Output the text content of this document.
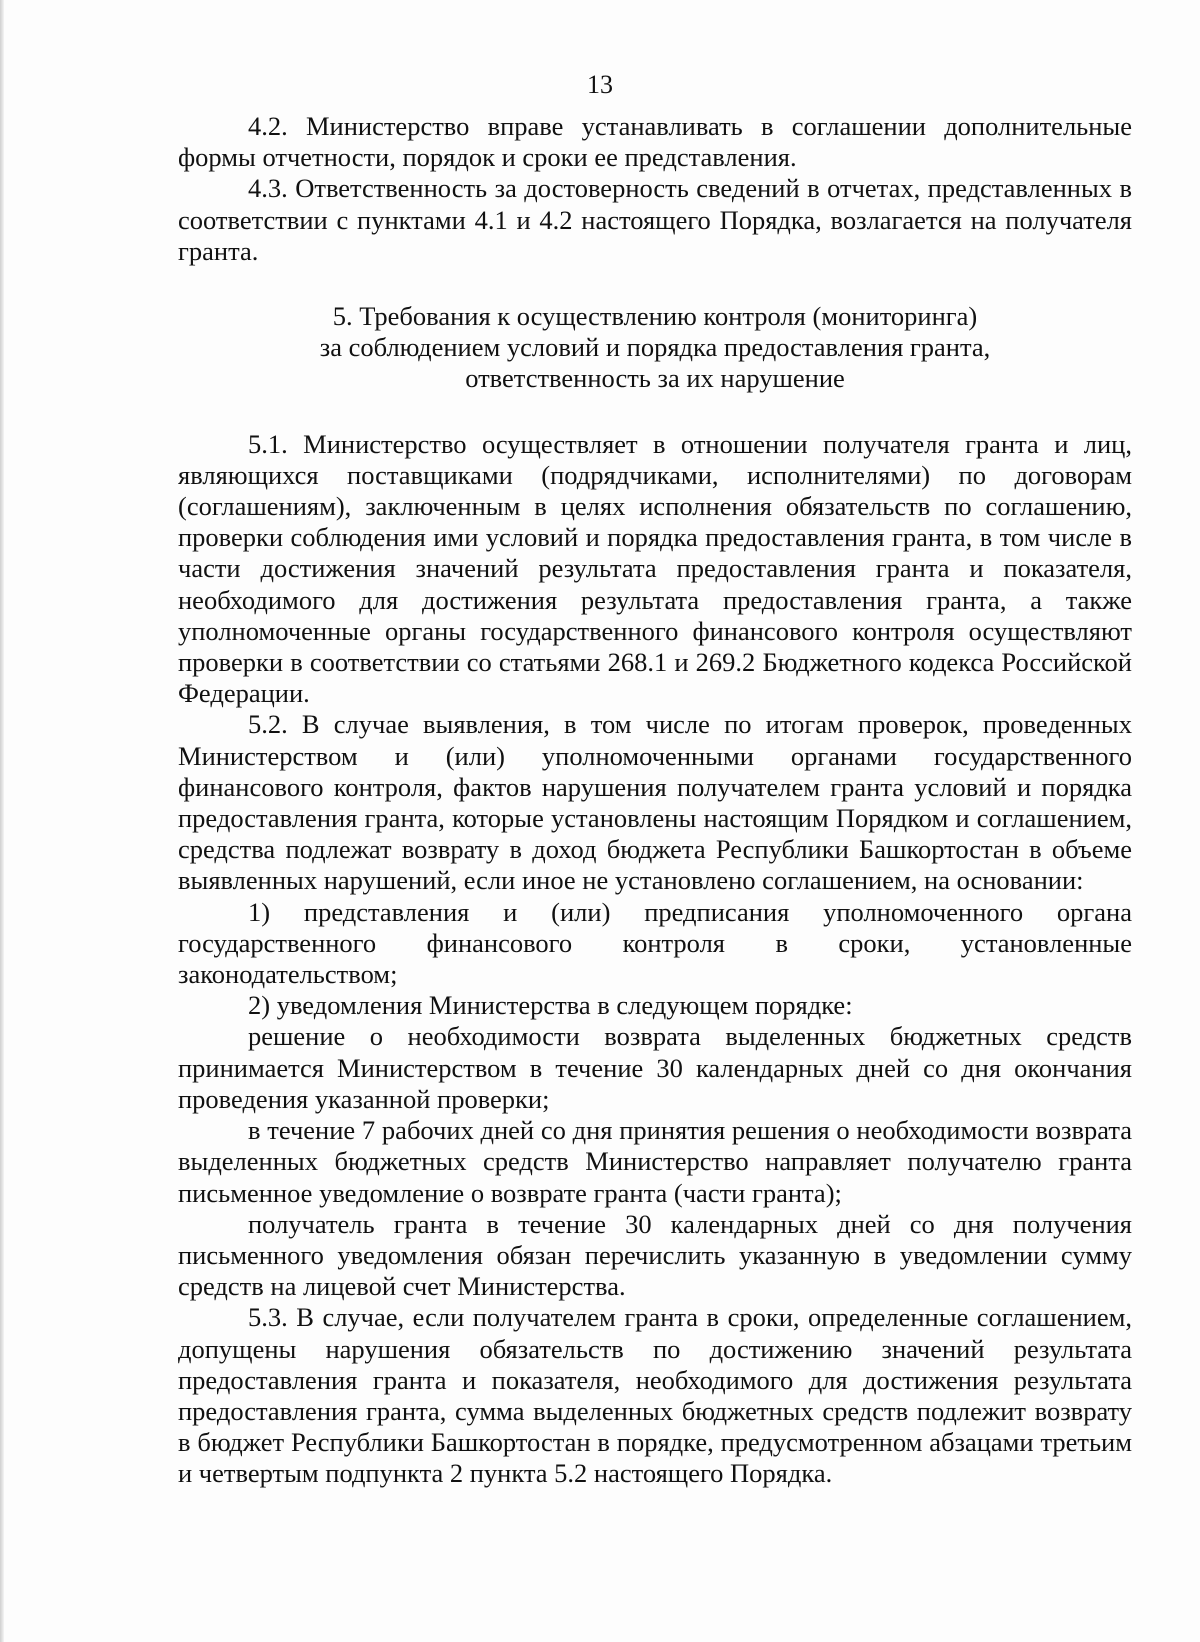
13

4.2. Министерство вправе устанавливать в соглашении дополнительные формы отчетности, порядок и сроки ее представления.

4.3. Ответственность за достоверность сведений в отчетах, представленных в соответствии с пунктами 4.1 и 4.2 настоящего Порядка, возлагается на получателя гранта.

5. Требования к осуществлению контроля (мониторинга)
за соблюдением условий и порядка предоставления гранта,
ответственность за их нарушение

5.1. Министерство осуществляет в отношении получателя гранта и лиц, являющихся поставщиками (подрядчиками, исполнителями) по договорам (соглашениям), заключенным в целях исполнения обязательств по соглашению, проверки соблюдения ими условий и порядка предоставления гранта, в том числе в части достижения значений результата предоставления гранта и показателя, необходимого для достижения результата предоставления гранта, а также уполномоченные органы государственного финансового контроля осуществляют проверки в соответствии со статьями 268.1 и 269.2 Бюджетного кодекса Российской Федерации.

5.2. В случае выявления, в том числе по итогам проверок, проведенных Министерством и (или) уполномоченными органами государственного финансового контроля, фактов нарушения получателем гранта условий и порядка предоставления гранта, которые установлены настоящим Порядком и соглашением, средства подлежат возврату в доход бюджета Республики Башкортостан в объеме выявленных нарушений, если иное не установлено соглашением, на основании:

1) представления и (или) предписания уполномоченного органа государственного финансового контроля в сроки, установленные законодательством;

2) уведомления Министерства в следующем порядке:

решение о необходимости возврата выделенных бюджетных средств принимается Министерством в течение 30 календарных дней со дня окончания проведения указанной проверки;

в течение 7 рабочих дней со дня принятия решения о необходимости возврата выделенных бюджетных средств Министерство направляет получателю гранта письменное уведомление о возврате гранта (части гранта);

получатель гранта в течение 30 календарных дней со дня получения письменного уведомления обязан перечислить указанную в уведомлении сумму средств на лицевой счет Министерства.

5.3. В случае, если получателем гранта в сроки, определенные соглашением, допущены нарушения обязательств по достижению значений результата предоставления гранта и показателя, необходимого для достижения результата предоставления гранта, сумма выделенных бюджетных средств подлежит возврату в бюджет Республики Башкортостан в порядке, предусмотренном абзацами третьим и четвертым подпункта 2 пункта 5.2 настоящего Порядка.
